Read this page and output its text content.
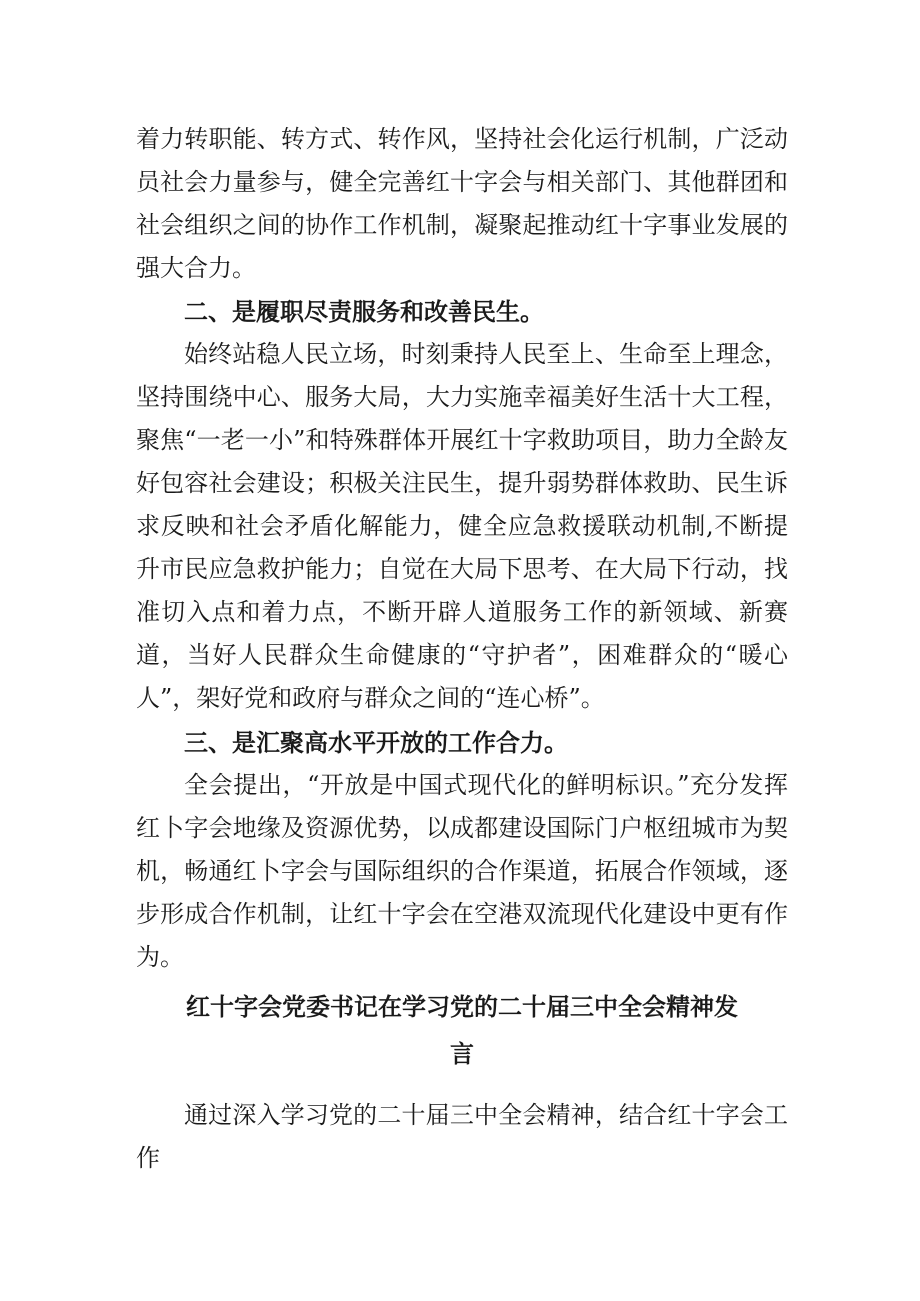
着力转职能、转方式、转作风，坚持社会化运行机制，广泛动员社会力量参与，健全完善红十字会与相关部门、其他群团和社会组织之间的协作工作机制，凝聚起推动红十字事业发展的强大合力。

二、是履职尽责服务和改善民生。

始终站稳人民立场，时刻秉持人民至上、生命至上理念，坚持围绕中心、服务大局，大力实施幸福美好生活十大工程，聚焦“一老一小”和特殊群体开展红十字救助项目，助力全龄友好包容社会建设；积极关注民生，提升弱势群体救助、民生诉求反映和社会矛盾化解能力，健全应急救援联动机制,不断提升市民应急救护能力；自觉在大局下思考、在大局下行动，找准切入点和着力点，不断开辟人道服务工作的新领域、新赛道，当好人民群众生命健康的“守护者”，困难群众的“暖心人”，架好党和政府与群众之间的“连心桥”。

三、是汇聚高水平开放的工作合力。

全会提出，“开放是中国式现代化的鲜明标识。”充分发挥红卜字会地缘及资源优势，以成都建设国际门户枢纽城市为契机，畅通红卜字会与国际组织的合作渠道，拓展合作领域，逐步形成合作机制，让红十字会在空港双流现代化建设中更有作为。

红十字会党委书记在学习党的二十届三中全会精神发
言

通过深入学习党的二十届三中全会精神，结合红十字会工作
